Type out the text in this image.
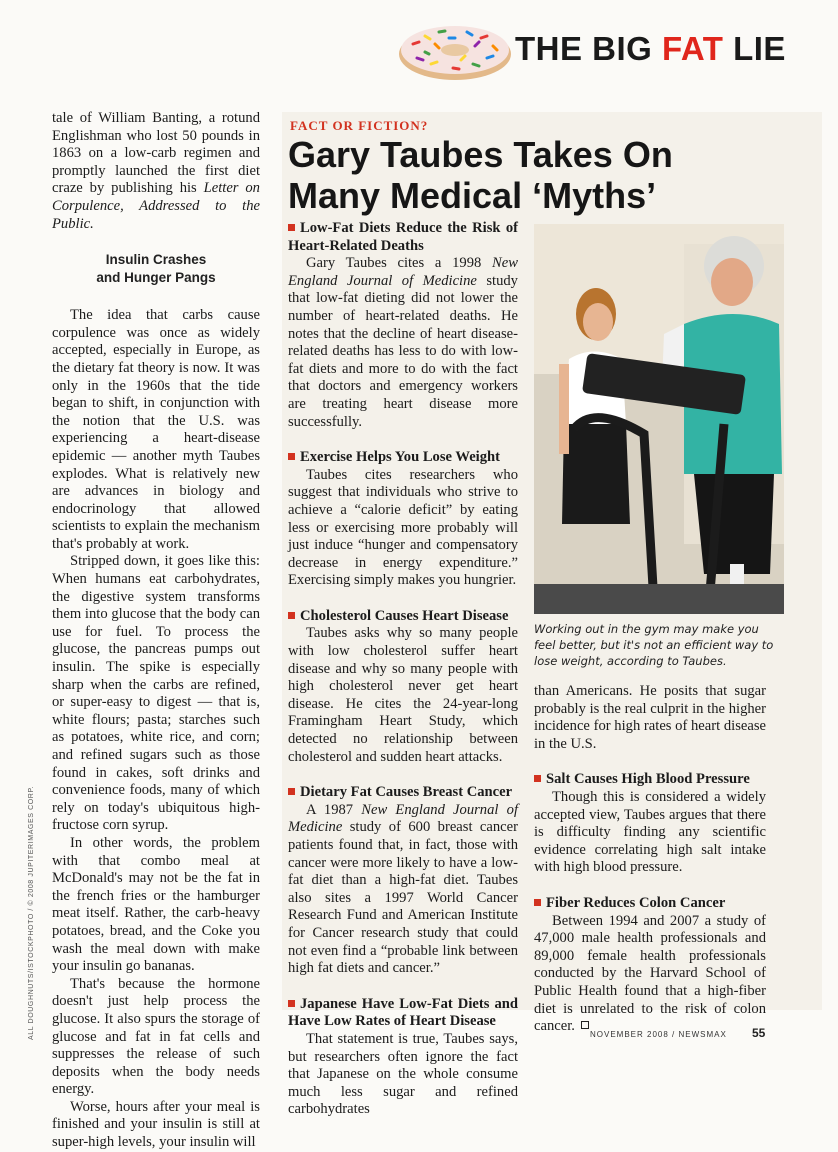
THE BIG FAT LIE

tale of William Banting, a rotund Englishman who lost 50 pounds in 1863 on a low-carb regimen and promptly launched the first diet craze by publishing his Letter on Corpulence, Addressed to the Public.

Insulin Crashes
and Hunger Pangs

The idea that carbs cause corpulence was once as widely accepted, especially in Europe, as the dietary fat theory is now. It was only in the 1960s that the tide began to shift, in conjunction with the notion that the U.S. was experiencing a heart-disease epidemic — another myth Taubes explodes. What is relatively new are advances in biology and endocrinology that allowed scientists to explain the mechanism that's probably at work.

Stripped down, it goes like this: When humans eat carbohydrates, the digestive system transforms them into glucose that the body can use for fuel. To process the glucose, the pancreas pumps out insulin. The spike is especially sharp when the carbs are refined, or super-easy to digest — that is, white flours; pasta; starches such as potatoes, white rice, and corn; and refined sugars such as those found in cakes, soft drinks and convenience foods, many of which rely on today's ubiquitous high-fructose corn syrup.

In other words, the problem with that combo meal at McDonald's may not be the fat in the french fries or the hamburger meat itself. Rather, the carb-heavy potatoes, bread, and the Coke you wash the meal down with make your insulin go bananas.

That's because the hormone doesn't just help process the glucose. It also spurs the storage of glucose and fat in fat cells and suppresses the release of such deposits when the body needs energy.

Worse, hours after your meal is finished and your insulin is still at super-high levels, your insulin will

FACT OR FICTION?
Gary Taubes Takes On
Many Medical ‘Myths’

Low-Fat Diets Reduce the Risk of Heart-Related Deaths

Gary Taubes cites a 1998 New England Journal of Medicine study that low-fat dieting did not lower the number of heart-related deaths. He notes that the decline of heart disease-related deaths has less to do with low-fat diets and more to do with the fact that doctors and emergency workers are treating heart disease more successfully.

Exercise Helps You Lose Weight

Taubes cites researchers who suggest that individuals who strive to achieve a “calorie deficit” by eating less or exercising more probably will just induce “hunger and compensatory decrease in energy expenditure.” Exercising simply makes you hungrier.

Cholesterol Causes Heart Disease

Taubes asks why so many people with low cholesterol suffer heart disease and why so many people with high cholesterol never get heart disease. He cites the 24-year-long Framingham Heart Study, which detected no relationship between cholesterol and sudden heart attacks.

Dietary Fat Causes Breast Cancer

A 1987 New England Journal of Medicine study of 600 breast cancer patients found that, in fact, those with cancer were more likely to have a low-fat diet than a high-fat diet. Taubes also sites a 1997 World Cancer Research Fund and American Institute for Cancer research study that could not even find a “probable link between high fat diets and cancer.”

Japanese Have Low-Fat Diets and Have Low Rates of Heart Disease

That statement is true, Taubes says, but researchers often ignore the fact that Japanese on the whole consume much less sugar and refined carbohydrates

Working out in the gym may make you feel better, but it's not an efficient way to lose weight, according to Taubes.

than Americans. He posits that sugar probably is the real culprit in the higher incidence for high rates of heart disease in the U.S.

Salt Causes High Blood Pressure

Though this is considered a widely accepted view, Taubes argues that there is difficulty finding any scientific evidence correlating high salt intake with high blood pressure.

Fiber Reduces Colon Cancer

Between 1994 and 2007 a study of 47,000 male health professionals and 89,000 female health professionals conducted by the Harvard School of Public Health found that a high-fiber diet is unrelated to the risk of colon cancer.

ALL DOUGHNUTS/ISTOCKPHOTO / © 2008 JUPITERIMAGES CORP.	NOVEMBER 2008 / NEWSMAX 55
